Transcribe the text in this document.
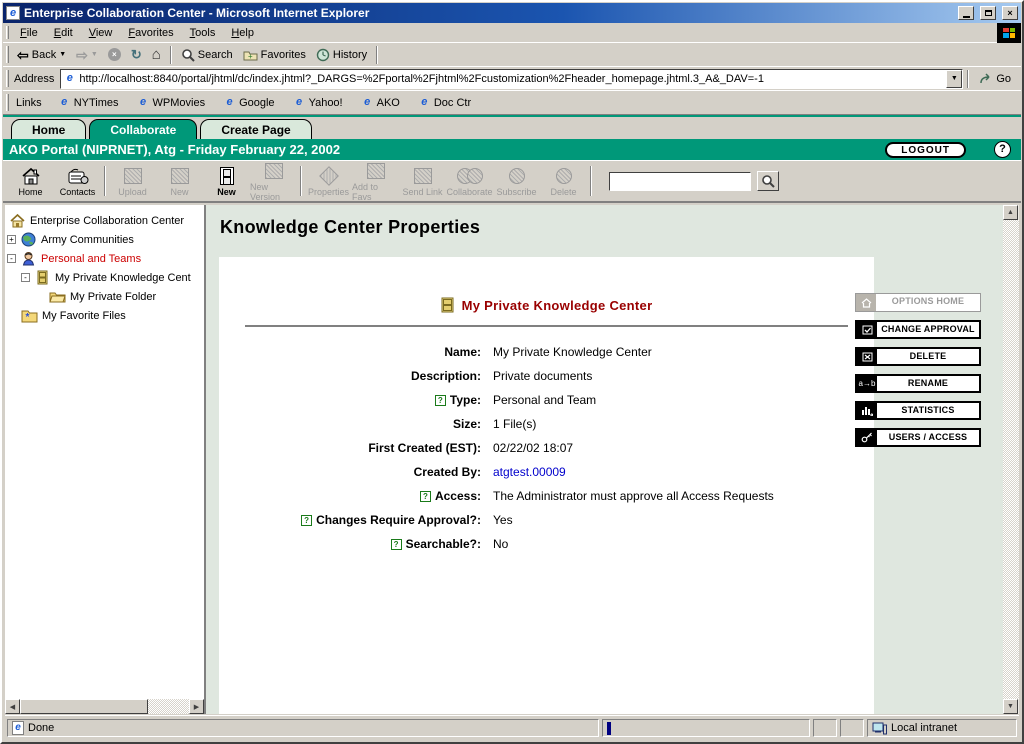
e Enterprise Collaboration Center - Microsoft Internet Explorer	×
File	Edit	View	Favorites	Tools	Help
⇦ Back ▼ ⇨ ▼	×	↻ ⌂	Search + Favorites History
Address	e http://localhost:8840/portal/jhtml/dc/index.jhtml?_DARGS=%2Fportal%2Fjhtml%2Fcustomization%2Fheader_homepage.jhtml.3_A&_DAV=-1	▼	Go
Links	e NYTimes	e WPMovies	e Google	e Yahoo!	e AKO	e Doc Ctr
Home	Collaborate	Create Page
AKO Portal (NIPRNET), Atg - Friday February 22, 2002	LOGOUT	?
Home Contacts	Upload	New	New New Version	Properties Add to Favs	Send Link Collaborate Subscribe Delete
Enterprise Collaboration Center
+ Army Communities
-	Personal and Teams
-	My Private Knowledge Cent
My Private Folder
* My Favorite Files
◀	▶
Knowledge Center Properties
My Private Knowledge Center
Name:	My Private Knowledge Center
Description:	Private documents
? Type:	Personal and Team
Size:	1 File(s)
First Created (EST):	02/22/02 18:07
Created By:	atgtest.00009
? Access:	The Administrator must approve all Access Requests
? Changes Require Approval?:	Yes
? Searchable?:	No
OPTIONS HOME
CHANGE APPROVAL
DELETE
a→b	RENAME
STATISTICS
USERS / ACCESS
▲
▼
e Done	Local intranet
